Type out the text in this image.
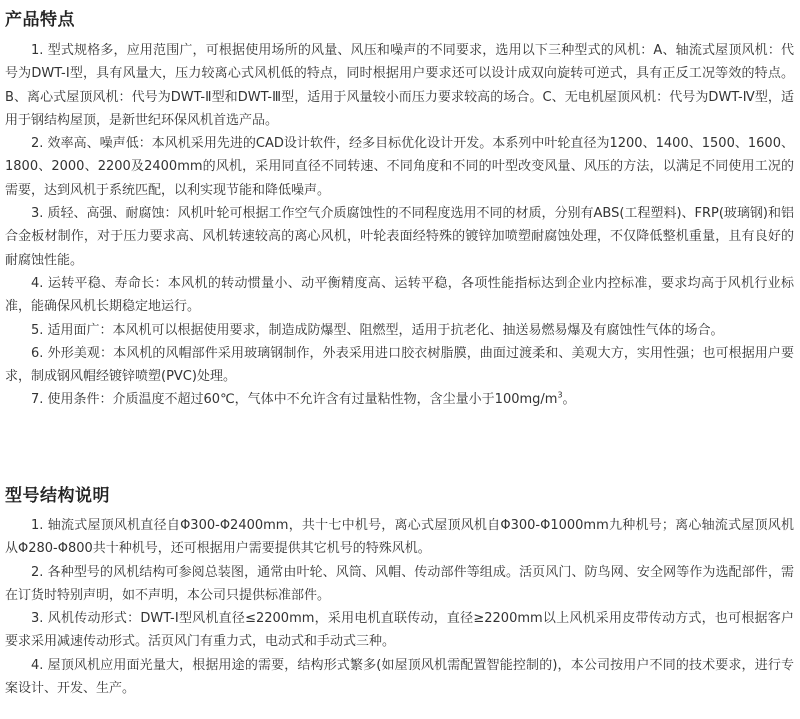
产品特点

1. 型式规格多，应用范围广，可根据使用场所的风量、风压和噪声的不同要求，选用以下三种型式的风机：A、轴流式屋顶风机：代号为DWT-Ⅰ型，具有风量大，压力较离心式风机低的特点，同时根据用户要求还可以设计成双向旋转可逆式，具有正反工况等效的特点。B、离心式屋顶风机：代号为DWT-Ⅱ型和DWT-Ⅲ型，适用于风量较小而压力要求较高的场合。C、无电机屋顶风机：代号为DWT-Ⅳ型，适用于钢结构屋顶，是新世纪环保风机首选产品。

2. 效率高、噪声低：本风机采用先进的CAD设计软件，经多目标优化设计开发。本系列中叶轮直径为1200、1400、1500、1600、1800、2000、2200及2400mm的风机，采用同直径不同转速、不同角度和不同的叶型改变风量、风压的方法，以满足不同使用工况的需要，达到风机于系统匹配，以利实现节能和降低噪声。

3. 质轻、高强、耐腐蚀：风机叶轮可根据工作空气介质腐蚀性的不同程度选用不同的材质，分别有ABS(工程塑料)、FRP(玻璃钢)和铝合金板材制作，对于压力要求高、风机转速较高的离心风机，叶轮表面经特殊的镀锌加喷塑耐腐蚀处理，不仅降低整机重量，且有良好的耐腐蚀性能。

4. 运转平稳、寿命长：本风机的转动惯量小、动平衡精度高、运转平稳，各项性能指标达到企业内控标准，要求均高于风机行业标准，能确保风机长期稳定地运行。

5. 适用面广：本风机可以根据使用要求，制造成防爆型、阻燃型，适用于抗老化、抽送易燃易爆及有腐蚀性气体的场合。

6. 外形美观：本风机的风帽部件采用玻璃钢制作，外表采用进口胶衣树脂膜，曲面过渡柔和、美观大方，实用性强；也可根据用户要求，制成钢风帽经镀锌喷塑(PVC)处理。

7. 使用条件：介质温度不超过60℃，气体中不允许含有过量粘性物，含尘量小于$100mg/m^3$。

型号结构说明

1. 轴流式屋顶风机直径自Φ300-Φ2400mm，共十七中机号，离心式屋顶风机自Φ300-Φ1000mm九种机号；离心轴流式屋顶风机从Φ280-Φ800共十种机号，还可根据用户需要提供其它机号的特殊风机。

2. 各种型号的风机结构可参阅总装图，通常由叶轮、风筒、风帽、传动部件等组成。活页风门、防鸟网、安全网等作为选配部件，需在订货时特别声明，如不声明，本公司只提供标准部件。

3. 风机传动形式：DWT-Ⅰ型风机直径≤2200mm，采用电机直联传动，直径≥2200mm以上风机采用皮带传动方式，也可根据客户要求采用减速传动形式。活页风门有重力式，电动式和手动式三种。

4. 屋顶风机应用面光量大，根据用途的需要，结构形式繁多(如屋顶风机需配置智能控制的)，本公司按用户不同的技术要求，进行专案设计、开发、生产。
